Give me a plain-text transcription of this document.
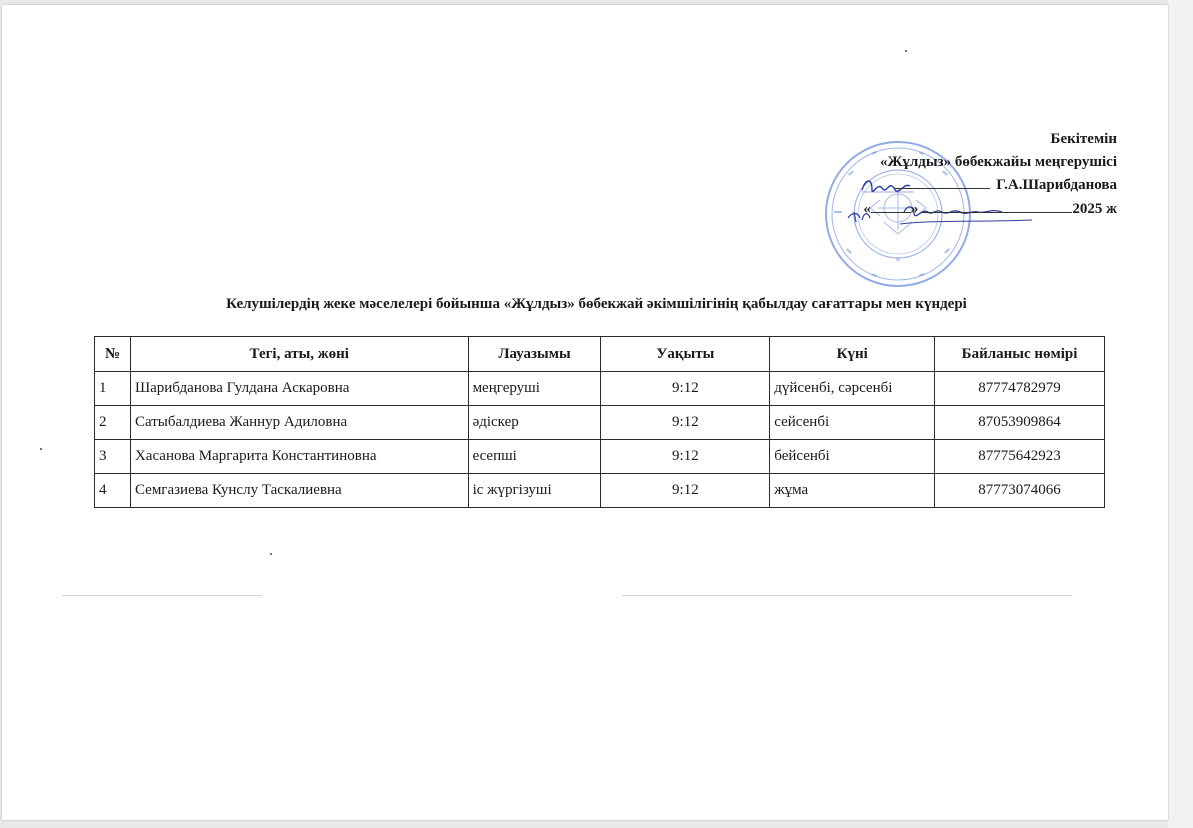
*
Бекітемін
«Жұлдыз» бөбекжайы меңгерушісі
Г.А.Шарибданова
«	»	2025 ж
Келушілердің жеке мәселелері бойынша «Жұлдыз» бөбекжай әкімшілігінің қабылдау сағаттары мен күндері
№	Тегі, аты, жөні	Лауазымы	Уақыты	Күні	Байланыс нөмірі
1	Шарибданова Гулдана Аскаровна	меңгеруші	9:12	дүйсенбі, сәрсенбі	87774782979
2	Сатыбалдиева Жаннур Адиловна	әдіскер	9:12	сейсенбі	87053909864
3	Хасанова Маргарита Константиновна	есепші	9:12	бейсенбі	87775642923
4	Семгазиева Кунслу Таскалиевна	іс жүргізуші	9:12	жұма	87773074066
